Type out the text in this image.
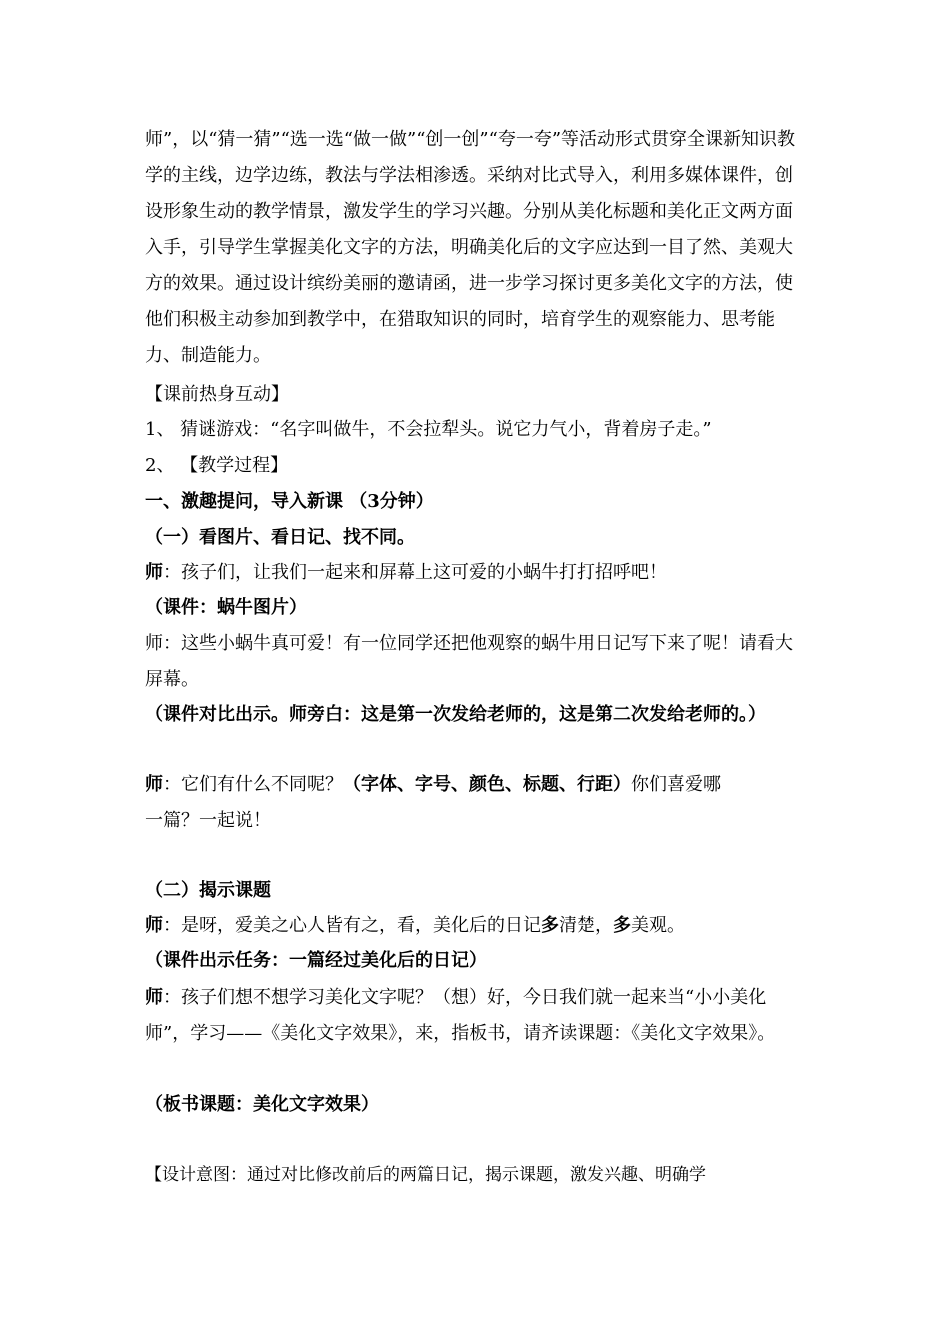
师”，以“猜一猜”“选一选“做一做”“创一创”“夸一夸”等活动形式贯穿全课新知识教学的主线，边学边练，教法与学法相渗透。采纳对比式导入，利用多媒体课件，创设形象生动的教学情景，激发学生的学习兴趣。分别从美化标题和美化正文两方面入手，引导学生掌握美化文字的方法，明确美化后的文字应达到一目了然、美观大方的效果。通过设计缤纷美丽的邀请函，进一步学习探讨更多美化文字的方法，使他们积极主动参加到教学中，在猎取知识的同时，培育学生的观察能力、思考能力、制造能力。
【课前热身互动】
1、 猜谜游戏：“名字叫做牛，不会拉犁头。说它力气小，背着房子走。”
2、 【教学过程】
一、激趣提问，导入新课 （3分钟）
（一）看图片、看日记、找不同。
师：孩子们，让我们一起来和屏幕上这可爱的小蜗牛打打招呼吧！
（课件：蜗牛图片）
师：这些小蜗牛真可爱！有一位同学还把他观察的蜗牛用日记写下来了呢！请看大屏幕。
（课件对比出示。师旁白：这是第一次发给老师的，这是第二次发给老师的。）
师：它们有什么不同呢？（字体、字号、颜色、标题、行距）你们喜爱哪
一篇？一起说！
（二）揭示课题
师：是呀，爱美之心人皆有之，看，美化后的日记多清楚，多美观。
（课件出示任务：一篇经过美化后的日记）
师：孩子们想不想学习美化文字呢？（想）好，今日我们就一起来当“小小美化师”，学习——《美化文字效果》，来，指板书，请齐读课题：《美化文字效果》。
（板书课题：美化文字效果）
【设计意图：通过对比修改前后的两篇日记，揭示课题，激发兴趣、明确学
